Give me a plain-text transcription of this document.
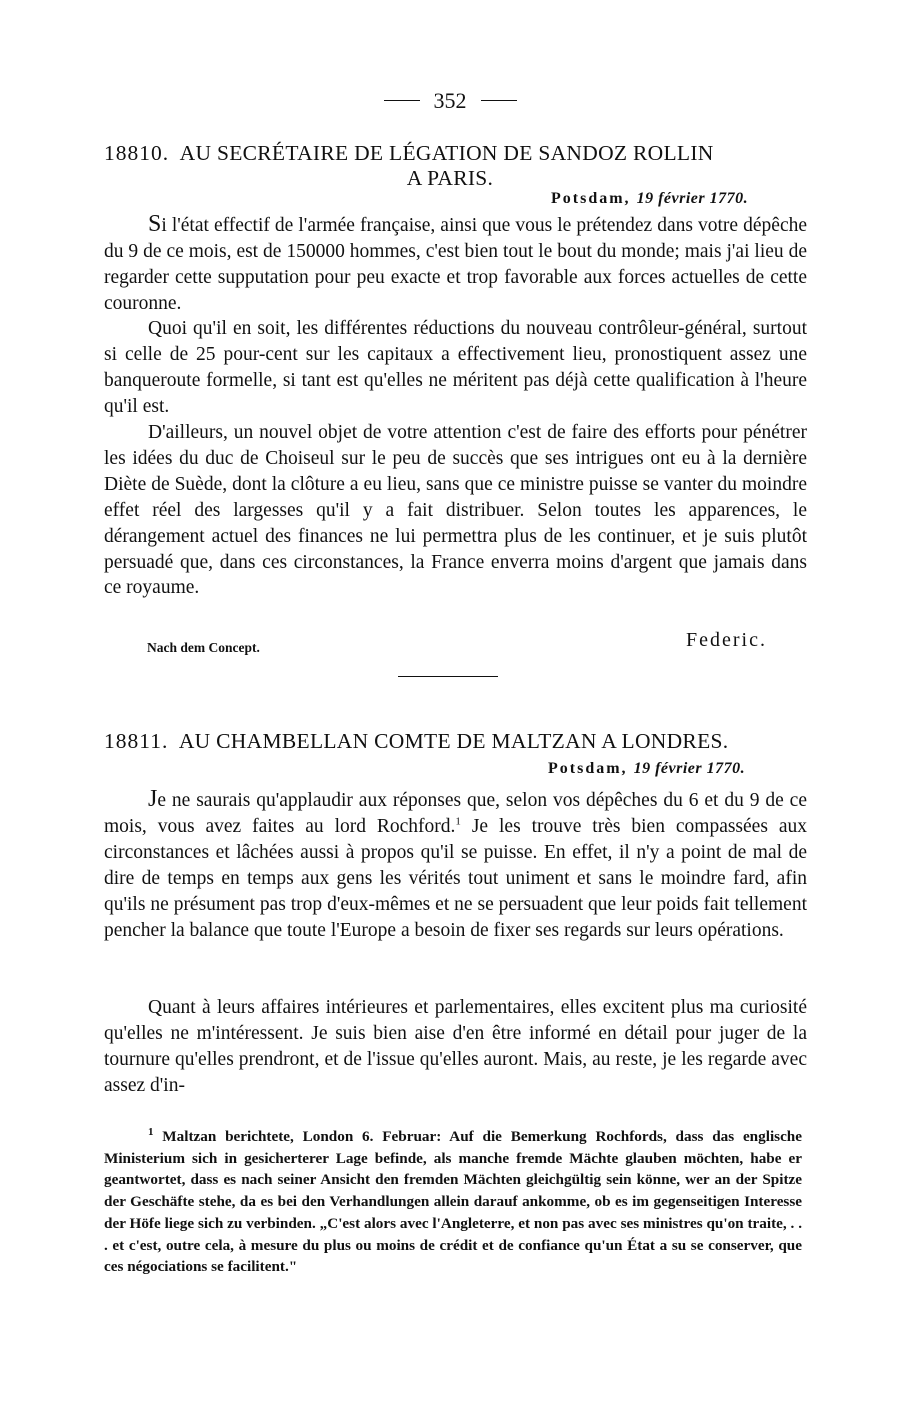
352
18810. AU SECRÉTAIRE DE LÉGATION DE SANDOZ ROLLIN
A PARIS.
Potsdam, 19 février 1770.

Si l'état effectif de l'armée française, ainsi que vous le prétendez dans votre dépêche du 9 de ce mois, est de 150000 hommes, c'est bien tout le bout du monde; mais j'ai lieu de regarder cette supputation pour peu exacte et trop favorable aux forces actuelles de cette couronne.

Quoi qu'il en soit, les différentes réductions du nouveau contrôleur-général, surtout si celle de 25 pour-cent sur les capitaux a effectivement lieu, pronostiquent assez une banqueroute formelle, si tant est qu'elles ne méritent pas déjà cette qualification à l'heure qu'il est.

D'ailleurs, un nouvel objet de votre attention c'est de faire des efforts pour pénétrer les idées du duc de Choiseul sur le peu de succès que ses intrigues ont eu à la dernière Diète de Suède, dont la clôture a eu lieu, sans que ce ministre puisse se vanter du moindre effet réel des largesses qu'il y a fait distribuer. Selon toutes les apparences, le dérangement actuel des finances ne lui permettra plus de les continuer, et je suis plutôt persuadé que, dans ces circonstances, la France enverra moins d'argent que jamais dans ce royaume.

Nach dem Concept.	Federic.
18811. AU CHAMBELLAN COMTE DE MALTZAN A LONDRES.
Potsdam, 19 février 1770.

Je ne saurais qu'applaudir aux réponses que, selon vos dépêches du 6 et du 9 de ce mois, vous avez faites au lord Rochford.$^1$ Je les trouve très bien compassées aux circonstances et lâchées aussi à propos qu'il se puisse. En effet, il n'y a point de mal de dire de temps en temps aux gens les vérités tout uniment et sans le moindre fard, afin qu'ils ne présument pas trop d'eux-mêmes et ne se persuadent que leur poids fait tellement pencher la balance que toute l'Europe a besoin de fixer ses regards sur leurs opérations.

Quant à leurs affaires intérieures et parlementaires, elles excitent plus ma curiosité qu'elles ne m'intéressent. Je suis bien aise d'en être informé en détail pour juger de la tournure qu'elles prendront, et de l'issue qu'elles auront. Mais, au reste, je les regarde avec assez d'in-

$^1$ Maltzan berichtete, London 6. Februar: Auf die Bemerkung Rochfords, dass das englische Ministerium sich in gesicherterer Lage befinde, als manche fremde Mächte glauben möchten, habe er geantwortet, dass es nach seiner Ansicht den fremden Mächten gleichgültig sein könne, wer an der Spitze der Geschäfte stehe, da es bei den Verhandlungen allein darauf ankomme, ob es im gegenseitigen Interesse der Höfe liege sich zu verbinden. „C'est alors avec l'Angleterre, et non pas avec ses ministres qu'on traite, . . . et c'est, outre cela, à mesure du plus ou moins de crédit et de confiance qu'un État a su se conserver, que ces négociations se facilitent."
